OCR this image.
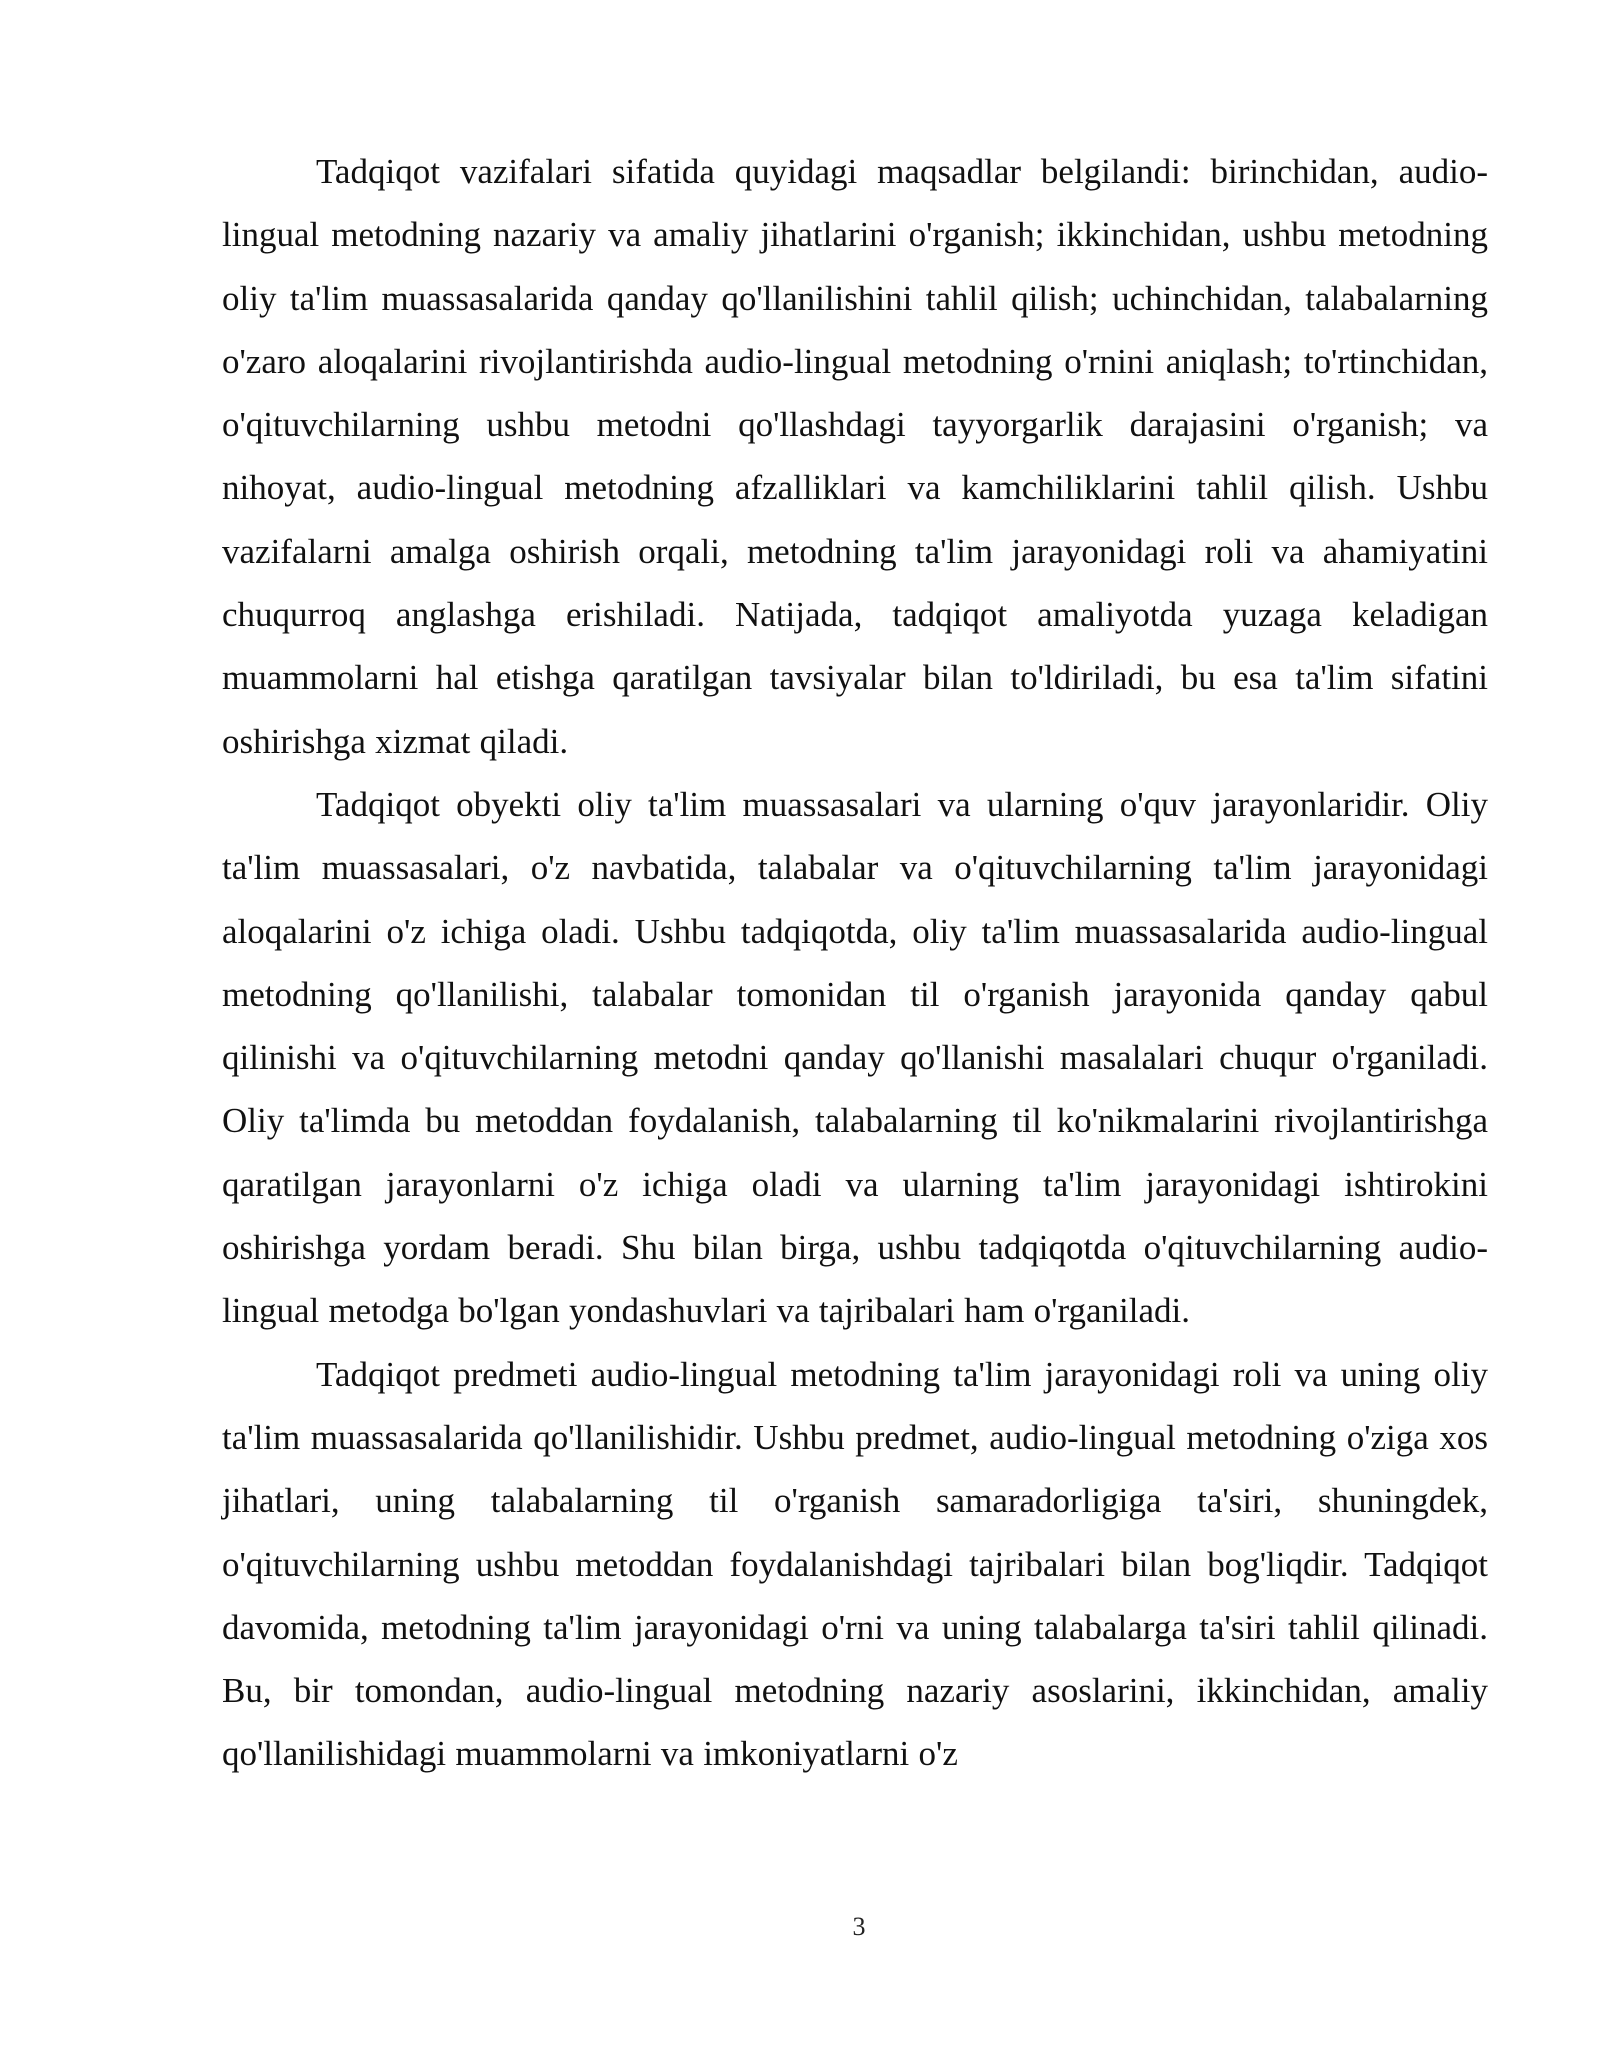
Tadqiqot vazifalari sifatida quyidagi maqsadlar belgilandi: birinchidan, audio-lingual metodning nazariy va amaliy jihatlarini o'rganish; ikkinchidan, ushbu metodning oliy ta'lim muassasalarida qanday qo'llanilishini tahlil qilish; uchinchidan, talabalarning o'zaro aloqalarini rivojlantirishda audio-lingual metodning o'rnini aniqlash; to'rtinchidan, o'qituvchilarning ushbu metodni qo'llashdagi tayyorgarlik darajasini o'rganish; va nihoyat, audio-lingual metodning afzalliklari va kamchiliklarini tahlil qilish. Ushbu vazifalarni amalga oshirish orqali, metodning ta'lim jarayonidagi roli va ahamiyatini chuqurroq anglashga erishiladi. Natijada, tadqiqot amaliyotda yuzaga keladigan muammolarni hal etishga qaratilgan tavsiyalar bilan to'ldiriladi, bu esa ta'lim sifatini oshirishga xizmat qiladi.

Tadqiqot obyekti oliy ta'lim muassasalari va ularning o'quv jarayonlaridir. Oliy ta'lim muassasalari, o'z navbatida, talabalar va o'qituvchilarning ta'lim jarayonidagi aloqalarini o'z ichiga oladi. Ushbu tadqiqotda, oliy ta'lim muassasalarida audio-lingual metodning qo'llanilishi, talabalar tomonidan til o'rganish jarayonida qanday qabul qilinishi va o'qituvchilarning metodni qanday qo'llanishi masalalari chuqur o'rganiladi. Oliy ta'limda bu metoddan foydalanish, talabalarning til ko'nikmalarini rivojlantirishga qaratilgan jarayonlarni o'z ichiga oladi va ularning ta'lim jarayonidagi ishtirokini oshirishga yordam beradi. Shu bilan birga, ushbu tadqiqotda o'qituvchilarning audio-lingual metodga bo'lgan yondashuvlari va tajribalari ham o'rganiladi.

Tadqiqot predmeti audio-lingual metodning ta'lim jarayonidagi roli va uning oliy ta'lim muassasalarida qo'llanilishidir. Ushbu predmet, audio-lingual metodning o'ziga xos jihatlari, uning talabalarning til o'rganish samaradorligiga ta'siri, shuningdek, o'qituvchilarning ushbu metoddan foydalanishdagi tajribalari bilan bog'liqdir. Tadqiqot davomida, metodning ta'lim jarayonidagi o'rni va uning talabalarga ta'siri tahlil qilinadi. Bu, bir tomondan, audio-lingual metodning nazariy asoslarini, ikkinchidan, amaliy qo'llanilishidagi muammolarni va imkoniyatlarni o'z

3
